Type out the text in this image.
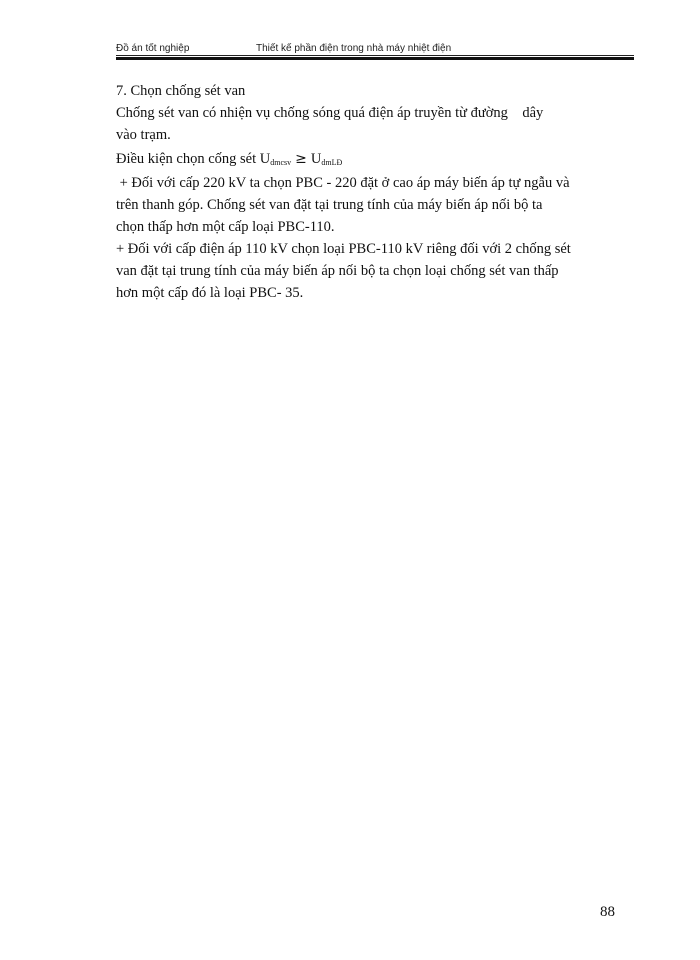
Đồ án tốt nghiệp	Thiết kế phần điện trong nhà máy nhiệt điện

7. Chọn chống sét van

Chống sét van có nhiện vụ chống sóng quá điện áp truyền từ đường    dây

vào trạm.

Điều kiện chọn cống sét Udmcsv ≥ UdmLĐ

+ Đối với cấp 220 kV ta chọn PBC - 220 đặt ở cao áp máy biến áp tự ngẫu và

trên thanh góp. Chống sét van đặt tại trung tính của máy biến áp nối bộ ta

chọn thấp hơn một cấp loại PBC-110.

+ Đối với cấp điện áp 110 kV chọn loại PBC-110 kV riêng đối với 2 chống sét

van đặt tại trung tính của máy biến áp nối bộ ta chọn loại chống sét van thấp

hơn một cấp đó là loại PBC- 35.

88
